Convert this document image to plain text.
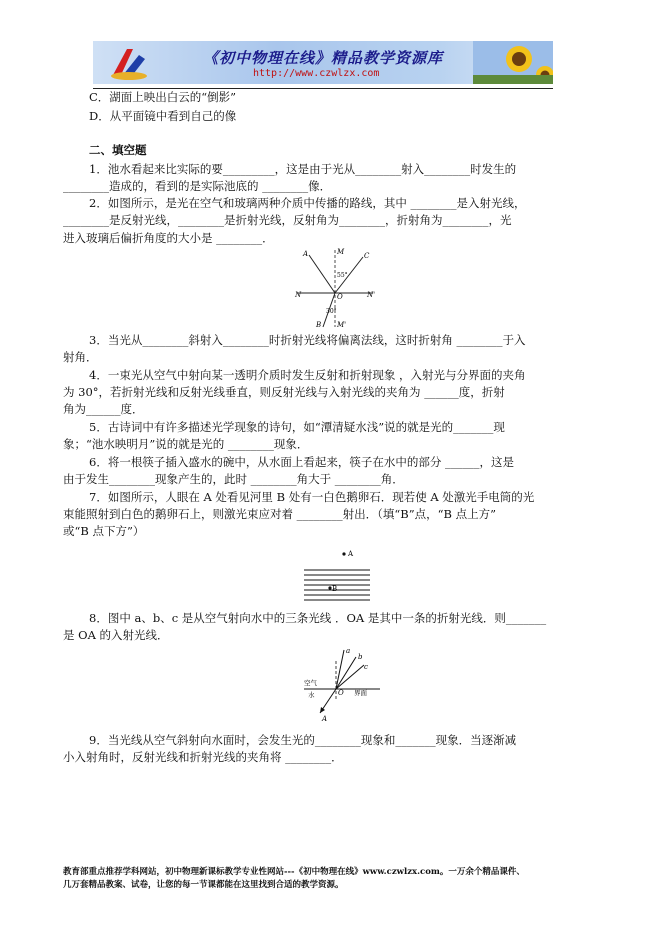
《初中物理在线》精品教学资源库
http://www.czwlzx.com
C．湖面上映出白云的“倒影”
D．从平面镜中看到自己的像
二、填空题
1．池水看起来比实际的要_________，这是由于光从________射入________时发生的
________造成的，看到的是实际池底的 ________像．
2．如图所示，是光在空气和玻璃两种介质中传播的路线，其中 ________是入射光线，
________是反射光线，________是折射光线，反射角为________，折射角为________，光
进入玻璃后偏折角度的大小是 ________．
A	M	C
N	O	N'
B M'
55°
30°
3．当光从________斜射入________时折射光线将偏离法线，这时折射角 ________于入
射角．
4．一束光从空气中射向某一透明介质时发生反射和折射现象 ，入射光与分界面的夹角
为 30°，若折射光线和反射光线垂直，则反射光线与入射光线的夹角为 ______度，折射
角为______度．
5．古诗词中有许多描述光学现象的诗句，如“潭清疑水浅”说的就是光的_______现
象；“池水映明月”说的就是光的 ________现象．
6．将一根筷子插入盛水的碗中，从水面上看起来，筷子在水中的部分 ______，这是
由于发生________现象产生的，此时 ________角大于 ________角．
7．如图所示，人眼在 A 处看见河里 B 处有一白色鹅卵石．现若使 A 处激光手电筒的光
束能照射到白色的鹅卵石上，则激光束应对着 ________射出．（填“B”点，“B 点上方”
或“B 点下方”）
A
B
8．图中 a、b、c 是从空气射向水中的三条光线 ．OA 是其中一条的折射光线．则_______
是 OA 的入射光线．
a
b
c
空气
O
水	界面
A
9．当光线从空气斜射向水面时，会发生光的________现象和_______现象．当逐渐减
小入射角时，反射光线和折射光线的夹角将 ________．
教育部重点推荐学科网站，初中物理新课标教学专业性网站---《初中物理在线》www.czwlzx.com。一万余个精品课件、
几万套精品教案、试卷，让您的每一节课都能在这里找到合适的教学资源。
